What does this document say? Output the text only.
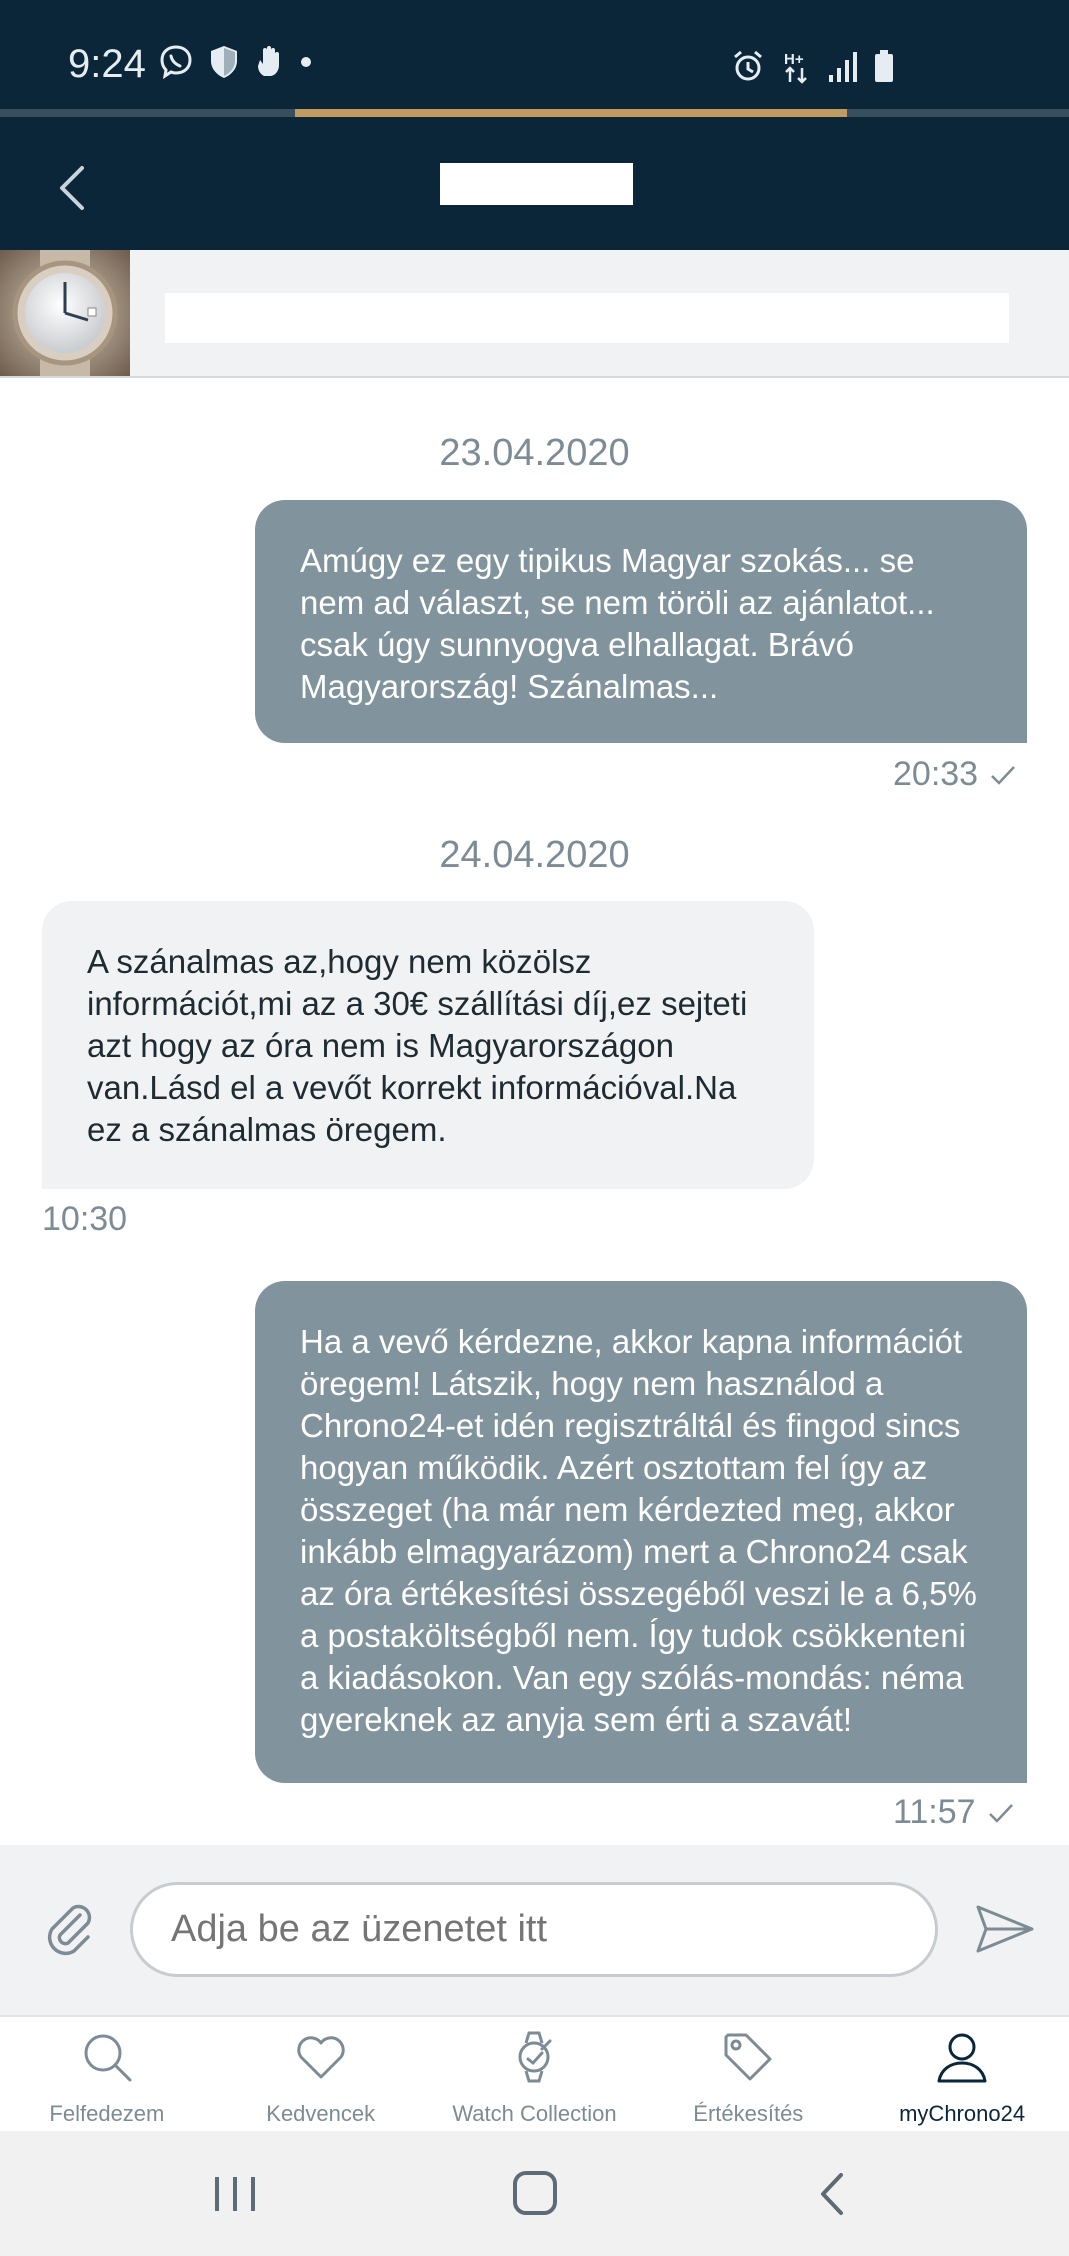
9:24	H+
23.04.2020
Amúgy ez egy tipikus Magyar szokás... se nem ad választ, se nem töröli az ajánlatot... csak úgy sunnyogva elhallagat. Brávó Magyarország! Szánalmas...
20:33
24.04.2020
A szánalmas az,hogy nem közölsz információt,mi az a 30€ szállítási díj,ez sejteti azt hogy az óra nem is Magyarországon van.Lásd el a vevőt korrekt információval.Na ez a szánalmas öregem.
10:30
Ha a vevő kérdezne, akkor kapna információt öregem! Látszik, hogy nem használod a Chrono24-et idén regisztráltál és fingod sincs hogyan működik. Azért osztottam fel így az összeget (ha már nem kérdezted meg, akkor inkább elmagyarázom) mert a Chrono24 csak az óra értékesítési összegéből veszi le a 6,5% a postaköltségből nem. Így tudok csökkenteni a kiadásokon. Van egy szólás-mondás: néma gyereknek az anyja sem érti a szavát!
11:57
Adja be az üzenetet itt
Felfedezem	Kedvencek	Watch Collection	Értékesítés	myChrono24
